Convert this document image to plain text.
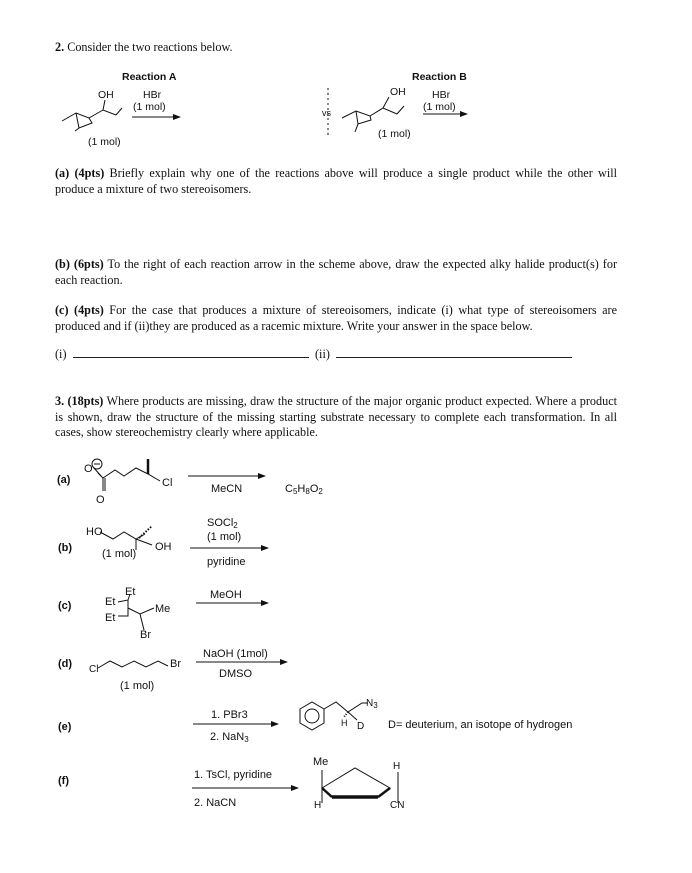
2. Consider the two reactions below.
Reaction A
OH	HBr
(1 mol)
(1 mol)
vs
Reaction B
OH	HBr
(1 mol)
(1 mol)
(a) (4pts) Briefly explain why one of the reactions above will produce a single product while the other will produce a mixture of two stereoisomers.
(b) (6pts) To the right of each reaction arrow in the scheme above, draw the expected alky halide product(s) for each reaction.
(c) (4pts) For the case that produces a mixture of stereoisomers, indicate (i) what type of stereoisomers are produced and if (ii)they are produced as a racemic mixture. Write your answer in the space below.
(i)	(ii)
3. (18pts) Where products are missing, draw the structure of the major organic product expected. Where a product is shown, draw the structure of the missing starting substrate necessary to complete each transformation. In all cases, show stereochemistry clearly where applicable.
(a)
(b)
(c)
(d)
(e)
(f)
O
O
Cl	MeCN	$C_5H_8O_2$
HO
OH
(1 mol)
SOCl$_2$
(1 mol)
pyridine
Et
Et
Et
Me
Br
MeOH
Cl	Br
(1 mol)
NaOH (1mol)
DMSO
1. PBr3
2. NaN$_3$
$N_3$
H D D= deuterium, an isotope of hydrogen
1. TsCl, pyridine
2. NaCN
Me	H
H	CN
